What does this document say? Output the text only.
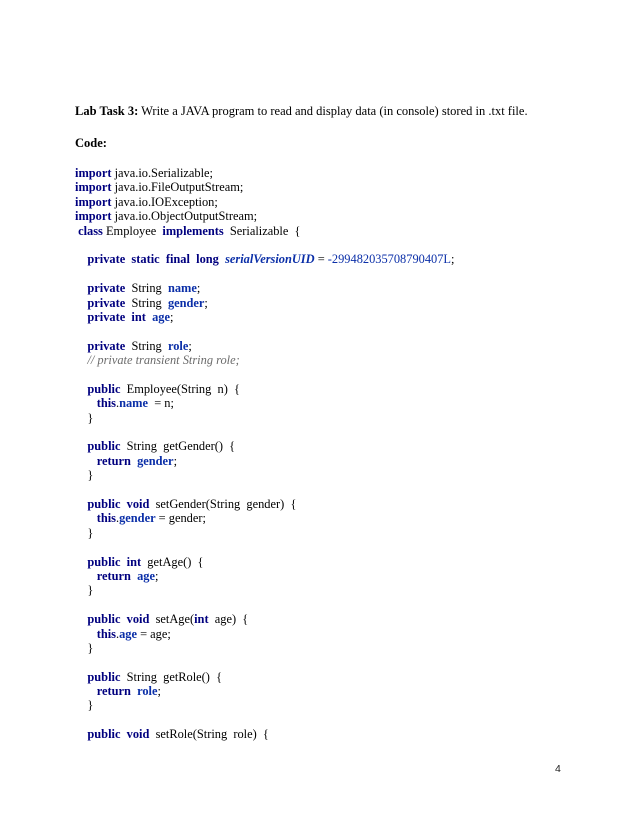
Lab Task 3: Write a JAVA program to read and display data (in console) stored in .txt file.
Code:
import java.io.Serializable;
import java.io.FileOutputStream;
import java.io.IOException;
import java.io.ObjectOutputStream;
class Employee  implements  Serializable  {
private  static  final  long serialVersionUID = -299482035708790407L;
private  String  name;
private  String  gender;
private  int age;
private  String  role;
// private transient String role;
public  Employee(String  n)  {
this.name  = n;
}
public  String  getGender()  {
return gender;
}
public  void  setGender(String  gender)  {
this.gender = gender;
}
public  int  getAge()  {
return age;
}
public  void  setAge(int  age)  {
this.age = age;
}
public  String  getRole()  {
return role;
}
public  void  setRole(String  role)  {
4
